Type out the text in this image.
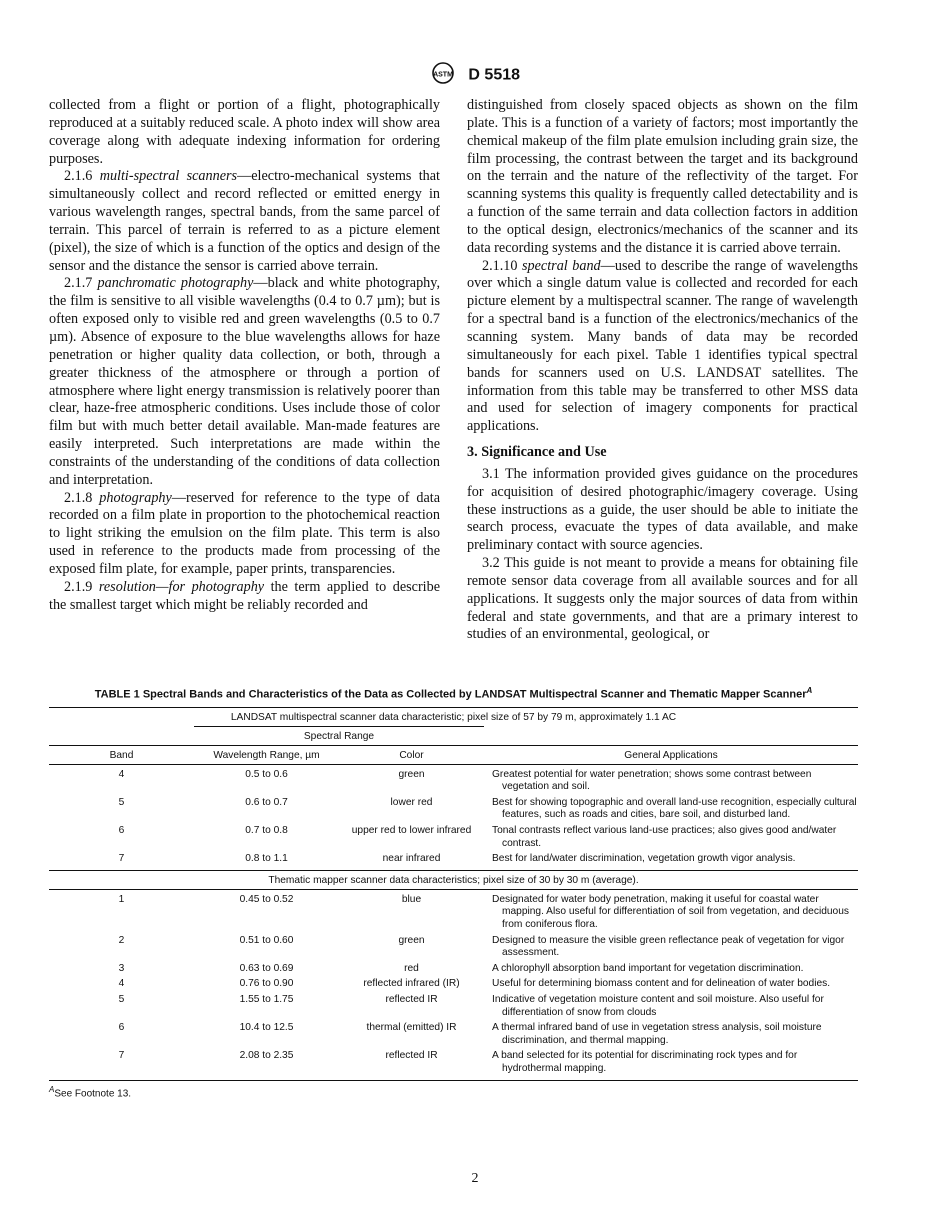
ASTM D 5518

collected from a flight or portion of a flight, photographically reproduced at a suitably reduced scale. A photo index will show area coverage along with adequate indexing information for ordering purposes.

2.1.6 multi-spectral scanners—electro-mechanical systems that simultaneously collect and record reflected or emitted energy in various wavelength ranges, spectral bands, from the same parcel of terrain. This parcel of terrain is referred to as a picture element (pixel), the size of which is a function of the optics and design of the sensor and the distance the sensor is carried above terrain.

2.1.7 panchromatic photography—black and white photography, the film is sensitive to all visible wavelengths (0.4 to 0.7 µm); but is often exposed only to visible red and green wavelengths (0.5 to 0.7 µm). Absence of exposure to the blue wavelengths allows for haze penetration or higher quality data collection, or both, through a greater thickness of the atmosphere or through a portion of atmosphere where light energy transmission is relatively poorer than clear, haze-free atmospheric conditions. Uses include those of color film but with much better detail available. Man-made features are easily interpreted. Such interpretations are made within the constraints of the understanding of the conditions of data collection and interpretation.

2.1.8 photography—reserved for reference to the type of data recorded on a film plate in proportion to the photochemical reaction to light striking the emulsion on the film plate. This term is also used in reference to the products made from processing of the exposed film plate, for example, paper prints, transparencies.

2.1.9 resolution—for photography the term applied to describe the smallest target which might be reliably recorded and

distinguished from closely spaced objects as shown on the film plate. This is a function of a variety of factors; most importantly the chemical makeup of the film plate emulsion including grain size, the film processing, the contrast between the target and its background on the terrain and the nature of the reflectivity of the target. For scanning systems this quality is frequently called detectability and is a function of the same terrain and data collection factors in addition to the optical design, electronics/mechanics of the scanner and its data recording systems and the distance it is carried above terrain.

2.1.10 spectral band—used to describe the range of wavelengths over which a single datum value is collected and recorded for each picture element by a multispectral scanner. The range of wavelength for a spectral band is a function of the electronics/mechanics of the scanning system. Many bands of data may be recorded simultaneously for each pixel. Table 1 identifies typical spectral bands for scanners used on U.S. LANDSAT satellites. The information from this table may be transferred to other MSS data and used for selection of imagery components for practical applications.

3. Significance and Use

3.1 The information provided gives guidance on the procedures for acquisition of desired photographic/imagery coverage. Using these instructions as a guide, the user should be able to initiate the search process, evacuate the types of data available, and make preliminary contact with source agencies.

3.2 This guide is not meant to provide a means for obtaining file remote sensor data coverage from all available sources and for all applications. It suggests only the major sources of data from within federal and state governments, and that are a primary interest to studies of an environmental, geological, or

TABLE 1 Spectral Bands and Characteristics of the Data as Collected by LANDSAT Multispectral Scanner and Thematic Mapper Scanner$^A$
LANDSAT multispectral scanner data characteristic; pixel size of 57 by 79 m, approximately 1.1 AC			
	Spectral Range		
Band	Wavelength Range, µm	Color	General Applications
4	0.5 to 0.6	green	Greatest potential for water penetration; shows some contrast between vegetation and soil.

5	0.6 to 0.7	lower red	Best for showing topographic and overall land-use recognition, especially cultural features, such as roads and cities, bare soil, and disturbed land.

6	0.7 to 0.8	upper red to lower infrared	Tonal contrasts reflect various land-use practices; also gives good and/water contrast.

7	0.8 to 1.1	near infrared	Best for land/water discrimination, vegetation growth vigor analysis.

Thematic mapper scanner data characteristics; pixel size of 30 by 30 m (average).			
1	0.45 to 0.52	blue	Designated for water body penetration, making it useful for coastal water mapping. Also useful for differentiation of soil from vegetation, and deciduous from coniferous flora.

2	0.51 to 0.60	green	Designed to measure the visible green reflectance peak of vegetation for vigor assessment.

3	0.63 to 0.69	red	A chlorophyll absorption band important for vegetation discrimination.

4	0.76 to 0.90	reflected infrared (IR)	Useful for determining biomass content and for delineation of water bodies.

5	1.55 to 1.75	reflected IR	Indicative of vegetation moisture content and soil moisture. Also useful for differentiation of snow from clouds

6	10.4 to 12.5	thermal (emitted) IR	A thermal infrared band of use in vegetation stress analysis, soil moisture discrimination, and thermal mapping.

7	2.08 to 2.35	reflected IR	A band selected for its potential for discriminating rock types and for hydrothermal mapping.
$^A$See Footnote 13.
2
